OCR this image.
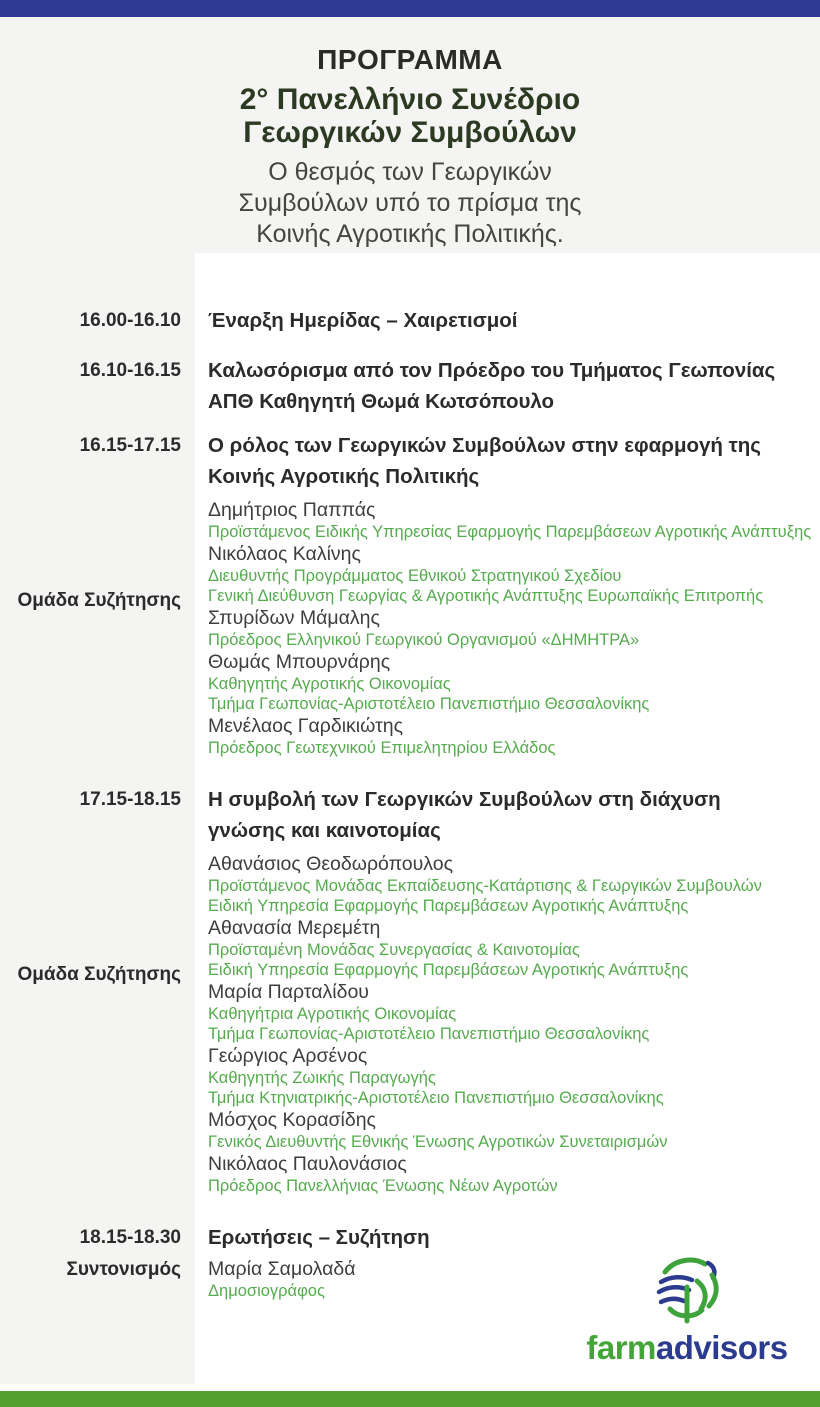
ΠΡΟΓΡΑΜΜΑ
2° Πανελλήνιο Συνέδριο
Γεωργικών Συμβούλων
Ο θεσμός των Γεωργικών
Συμβούλων υπό το πρίσμα της
Κοινής Αγροτικής Πολιτικής.
16.00-16.10 Έναρξη Ημερίδας – Χαιρετισμοί
16.10-16.15 Καλωσόρισμα από τον Πρόεδρο του Τμήματος Γεωπονίας
ΑΠΘ Καθηγητή Θωμά Κωτσόπουλο
16.15-17.15
Ομάδα Συζήτησης
Ο ρόλος των Γεωργικών Συμβούλων στην εφαρμογή της
Κοινής Αγροτικής Πολιτικής
Δημήτριος Παππάς
Προϊστάμενος Ειδικής Υπηρεσίας Εφαρμογής Παρεμβάσεων Αγροτικής Ανάπτυξης
Νικόλαος Καλίνης
Διευθυντής Προγράμματος Εθνικού Στρατηγικού Σχεδίου
Γενική Διεύθυνση Γεωργίας & Αγροτικής Ανάπτυξης Ευρωπαϊκής Επιτροπής
Σπυρίδων Μάμαλης
Πρόεδρος Ελληνικού Γεωργικού Οργανισμού «ΔΗΜΗΤΡΑ»
Θωμάς Μπουρνάρης
Καθηγητής Αγροτικής Οικονομίας
Τμήμα Γεωπονίας-Αριστοτέλειο Πανεπιστήμιο Θεσσαλονίκης
Μενέλαος Γαρδικιώτης
Πρόεδρος Γεωτεχνικού Επιμελητηρίου Ελλάδος
17.15-18.15
Ομάδα Συζήτησης
Η συμβολή των Γεωργικών Συμβούλων στη διάχυση
γνώσης και καινοτομίας
Αθανάσιος Θεοδωρόπουλος
Προϊστάμενος Μονάδας Εκπαίδευσης-Κατάρτισης & Γεωργικών Συμβουλών
Ειδική Υπηρεσία Εφαρμογής Παρεμβάσεων Αγροτικής Ανάπτυξης
Αθανασία Μερεμέτη
Προϊσταμένη Μονάδας Συνεργασίας & Καινοτομίας
Ειδική Υπηρεσία Εφαρμογής Παρεμβάσεων Αγροτικής Ανάπτυξης
Μαρία Παρταλίδου
Καθηγήτρια Αγροτικής Οικονομίας
Τμήμα Γεωπονίας-Αριστοτέλειο Πανεπιστήμιο Θεσσαλονίκης
Γεώργιος Αρσένος
Καθηγητής Ζωικής Παραγωγής
Τμήμα Κτηνιατρικής-Αριστοτέλειο Πανεπιστήμιο Θεσσαλονίκης
Μόσχος Κορασίδης
Γενικός Διευθυντής Εθνικής Ένωσης Αγροτικών Συνεταιρισμών
Νικόλαος Παυλονάσιος
Πρόεδρος Πανελλήνιας Ένωσης Νέων Αγροτών
18.15-18.30 Ερωτήσεις – Συζήτηση
Συντονισμός Μαρία Σαμολαδά
Δημοσιογράφος
farmadvisors
